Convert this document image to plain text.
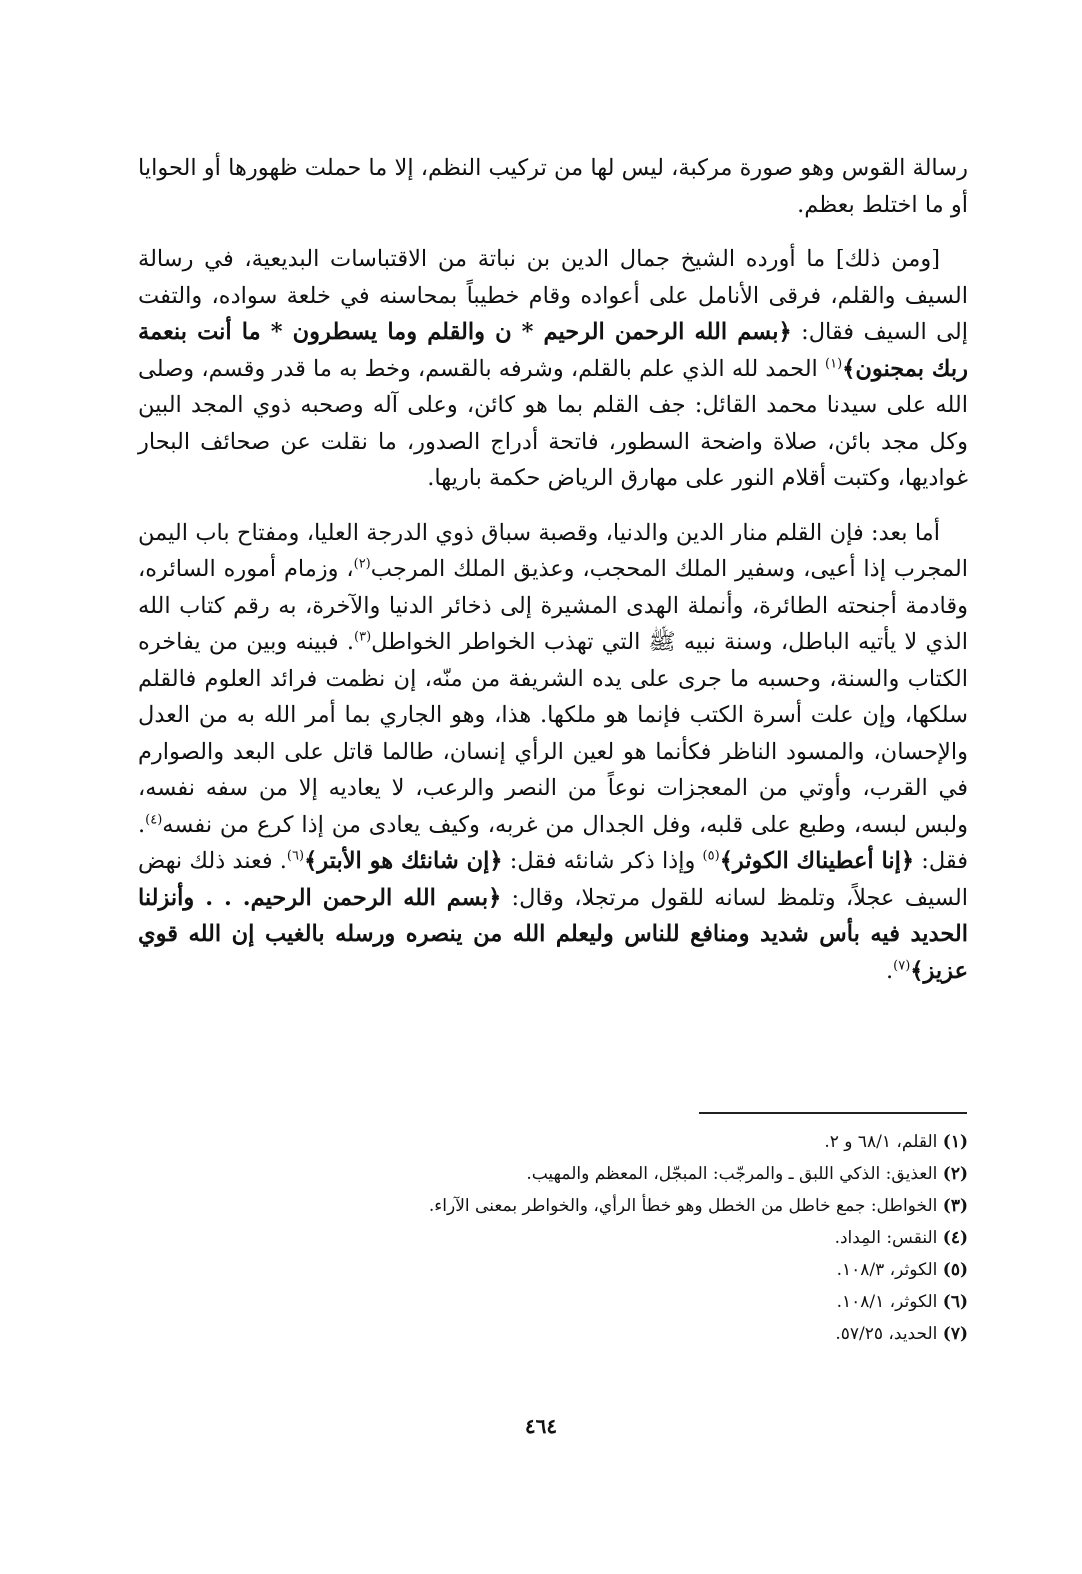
رسالة القوس وهو صورة مركبة، ليس لها من تركيب النظم، إلا ما حملت ظهورها أو الحوايا أو ما اختلط بعظم.

[ومن ذلك] ما أورده الشيخ جمال الدين بن نباتة من الاقتباسات البديعية، في رسالة السيف والقلم، فرقى الأنامل على أعواده وقام خطيباً بمحاسنه في خلعة سواده، والتفت إلى السيف فقال: ﴿بسم الله الرحمن الرحيم * ن والقلم وما يسطرون * ما أنت بنعمة ربك بمجنون﴾$^{(١)}$ الحمد لله الذي علم بالقلم، وشرفه بالقسم، وخط به ما قدر وقسم، وصلى الله على سيدنا محمد القائل: جف القلم بما هو كائن، وعلى آله وصحبه ذوي المجد البين وكل مجد بائن، صلاة واضحة السطور، فاتحة أدراج الصدور، ما نقلت عن صحائف البحار غواديها، وكتبت أقلام النور على مهارق الرياض حكمة باريها.

أما بعد: فإن القلم منار الدين والدنيا، وقصبة سباق ذوي الدرجة العليا، ومفتاح باب اليمن المجرب إذا أعيى، وسفير الملك المحجب، وعذيق الملك المرجب$^{(٢)}$، وزمام أموره السائره، وقادمة أجنحته الطائرة، وأنملة الهدى المشيرة إلى ذخائر الدنيا والآخرة، به رقم كتاب الله الذي لا يأتيه الباطل، وسنة نبيه ﷺ التي تهذب الخواطر الخواطل$^{(٣)}$. فبينه وبين من يفاخره الكتاب والسنة، وحسبه ما جرى على يده الشريفة من منّه، إن نظمت فرائد العلوم فالقلم سلكها، وإن علت أسرة الكتب فإنما هو ملكها. هذا، وهو الجاري بما أمر الله به من العدل والإحسان، والمسود الناظر فكأنما هو لعين الرأي إنسان، طالما قاتل على البعد والصوارم في القرب، وأوتي من المعجزات نوعاً من النصر والرعب، لا يعاديه إلا من سفه نفسه، ولبس لبسه، وطبع على قلبه، وفل الجدال من غربه، وكيف يعادى من إذا كرع من نفسه$^{(٤)}$. فقل: ﴿إنا أعطيناك الكوثر﴾$^{(٥)}$ وإذا ذكر شانئه فقل: ﴿إن شانئك هو الأبتر﴾$^{(٦)}$. فعند ذلك نهض السيف عجلاً، وتلمظ لسانه للقول مرتجلا، وقال: ﴿بسم الله الرحمن الرحيم. . . وأنزلنا الحديد فيه بأس شديد ومنافع للناس وليعلم الله من ينصره ورسله بالغيب إن الله قوي عزيز﴾$^{(٧)}$.

(١) القلم، ٦٨/١ و ٢.
(٢) العذيق: الذكي اللبق ـ والمرجّب: المبجّل، المعظم والمهيب.
(٣) الخواطل: جمع خاطل من الخطل وهو خطأ الرأي، والخواطر بمعنى الآراء.
(٤) النقس: المِداد.
(٥) الكوثر، ١٠٨/٣.
(٦) الكوثر، ١٠٨/١.
(٧) الحديد، ٥٧/٢٥.
٤٦٤
